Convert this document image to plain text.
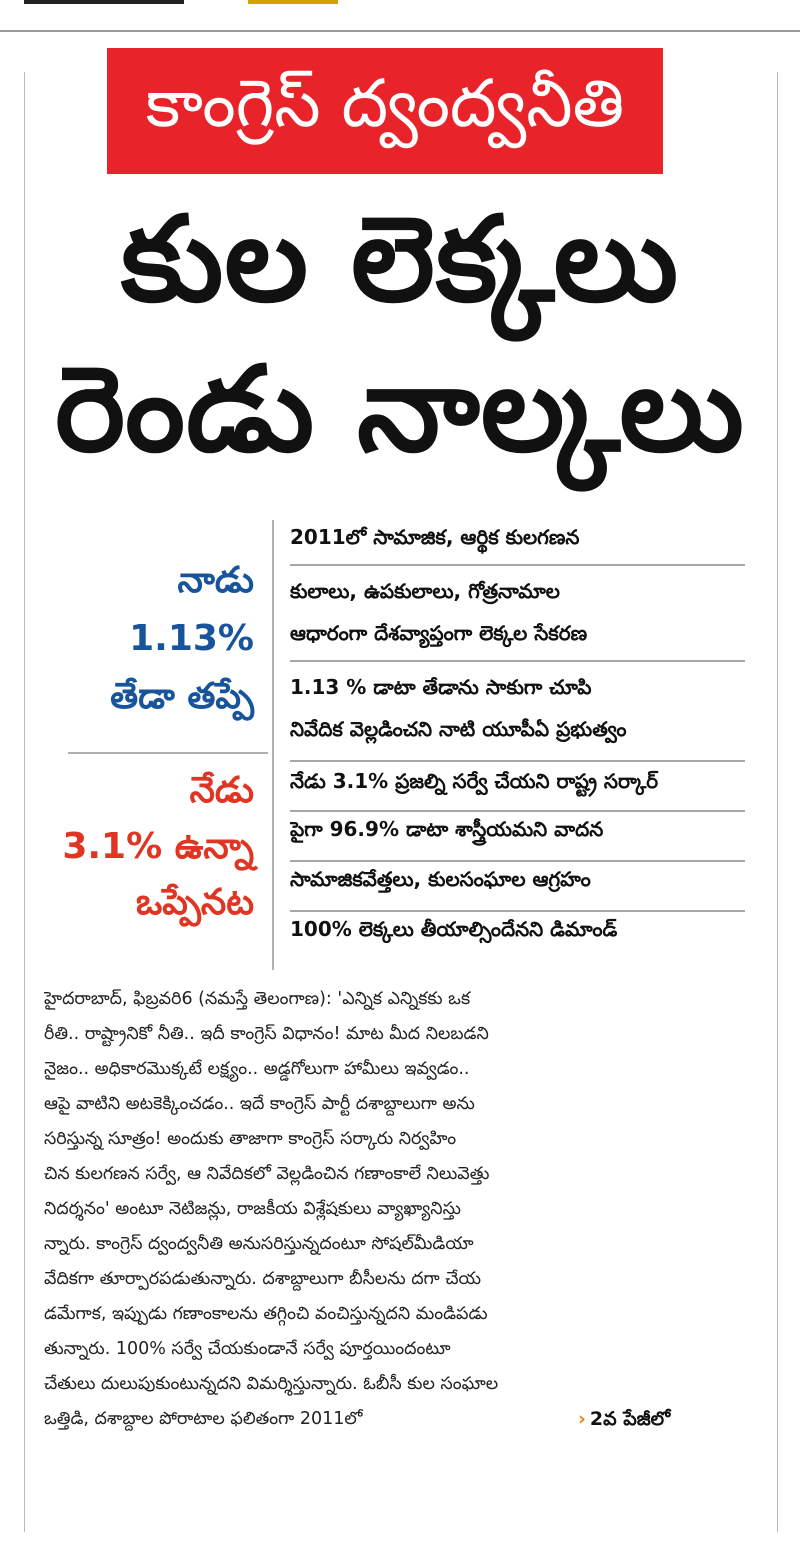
కాంగ్రెస్ ద్వంద్వనీతి
కుల లెక్కలు
రెండు నాల్కలు
నాడు
1.13%
తేడా తప్పే
నేడు
3.1% ఉన్నా
ఒప్పేనట
2011లో సామాజిక, ఆర్థిక కులగణన
కులాలు, ఉపకులాలు, గోత్రనామాల
ఆధారంగా దేశవ్యాప్తంగా లెక్కల సేకరణ
1.13 % డాటా తేడాను సాకుగా చూపి
నివేదిక వెల్లడించని నాటి యూపీఏ ప్రభుత్వం
నేడు 3.1% ప్రజల్ని సర్వే చేయని రాష్ట్ర సర్కార్
పైగా 96.9% డాటా శాస్త్రీయమని వాదన
సామాజికవేత్తలు, కులసంఘాల ఆగ్రహం
100% లెక్కలు తీయాల్సిందేనని డిమాండ్
హైదరాబాద్, ఫిబ్రవరి6 (నమస్తే తెలంగాణ): 'ఎన్నిక ఎన్నికకు ఒక
రీతి.. రాష్ట్రానికో నీతి.. ఇదీ కాంగ్రెస్ విధానం! మాట మీద నిలబడని
నైజం.. అధికారమొక్కటే లక్ష్యం.. అడ్డగోలుగా హామీలు ఇవ్వడం..
ఆపై వాటిని అటకెక్కించడం.. ఇదే కాంగ్రెస్ పార్టీ దశాబ్దాలుగా అను
సరిస్తున్న సూత్రం! అందుకు తాజాగా కాంగ్రెస్ సర్కారు నిర్వహిం
చిన కులగణన సర్వే, ఆ నివేదికలో వెల్లడించిన గణాంకాలే నిలువెత్తు
నిదర్శనం' అంటూ నెటిజన్లు, రాజకీయ విశ్లేషకులు వ్యాఖ్యానిస్తు
న్నారు. కాంగ్రెస్ ద్వంద్వనీతి అనుసరిస్తున్నదంటూ సోషల్‌మీడియా
వేదికగా తూర్పారపడుతున్నారు. దశాబ్దాలుగా బీసీలను దగా చేయ
డమేగాక, ఇప్పుడు గణాంకాలను తగ్గించి వంచిస్తున్నదని మండిపడు
తున్నారు. 100% సర్వే చేయకుండానే సర్వే పూర్తయిందంటూ
చేతులు దులుపుకుంటున్నదని విమర్శిస్తున్నారు. ఓబీసీ కుల సంఘాల
ఒత్తిడి, దశాబ్దాల పోరాటాల ఫలితంగా 2011లో	› 2వ పేజీలో
